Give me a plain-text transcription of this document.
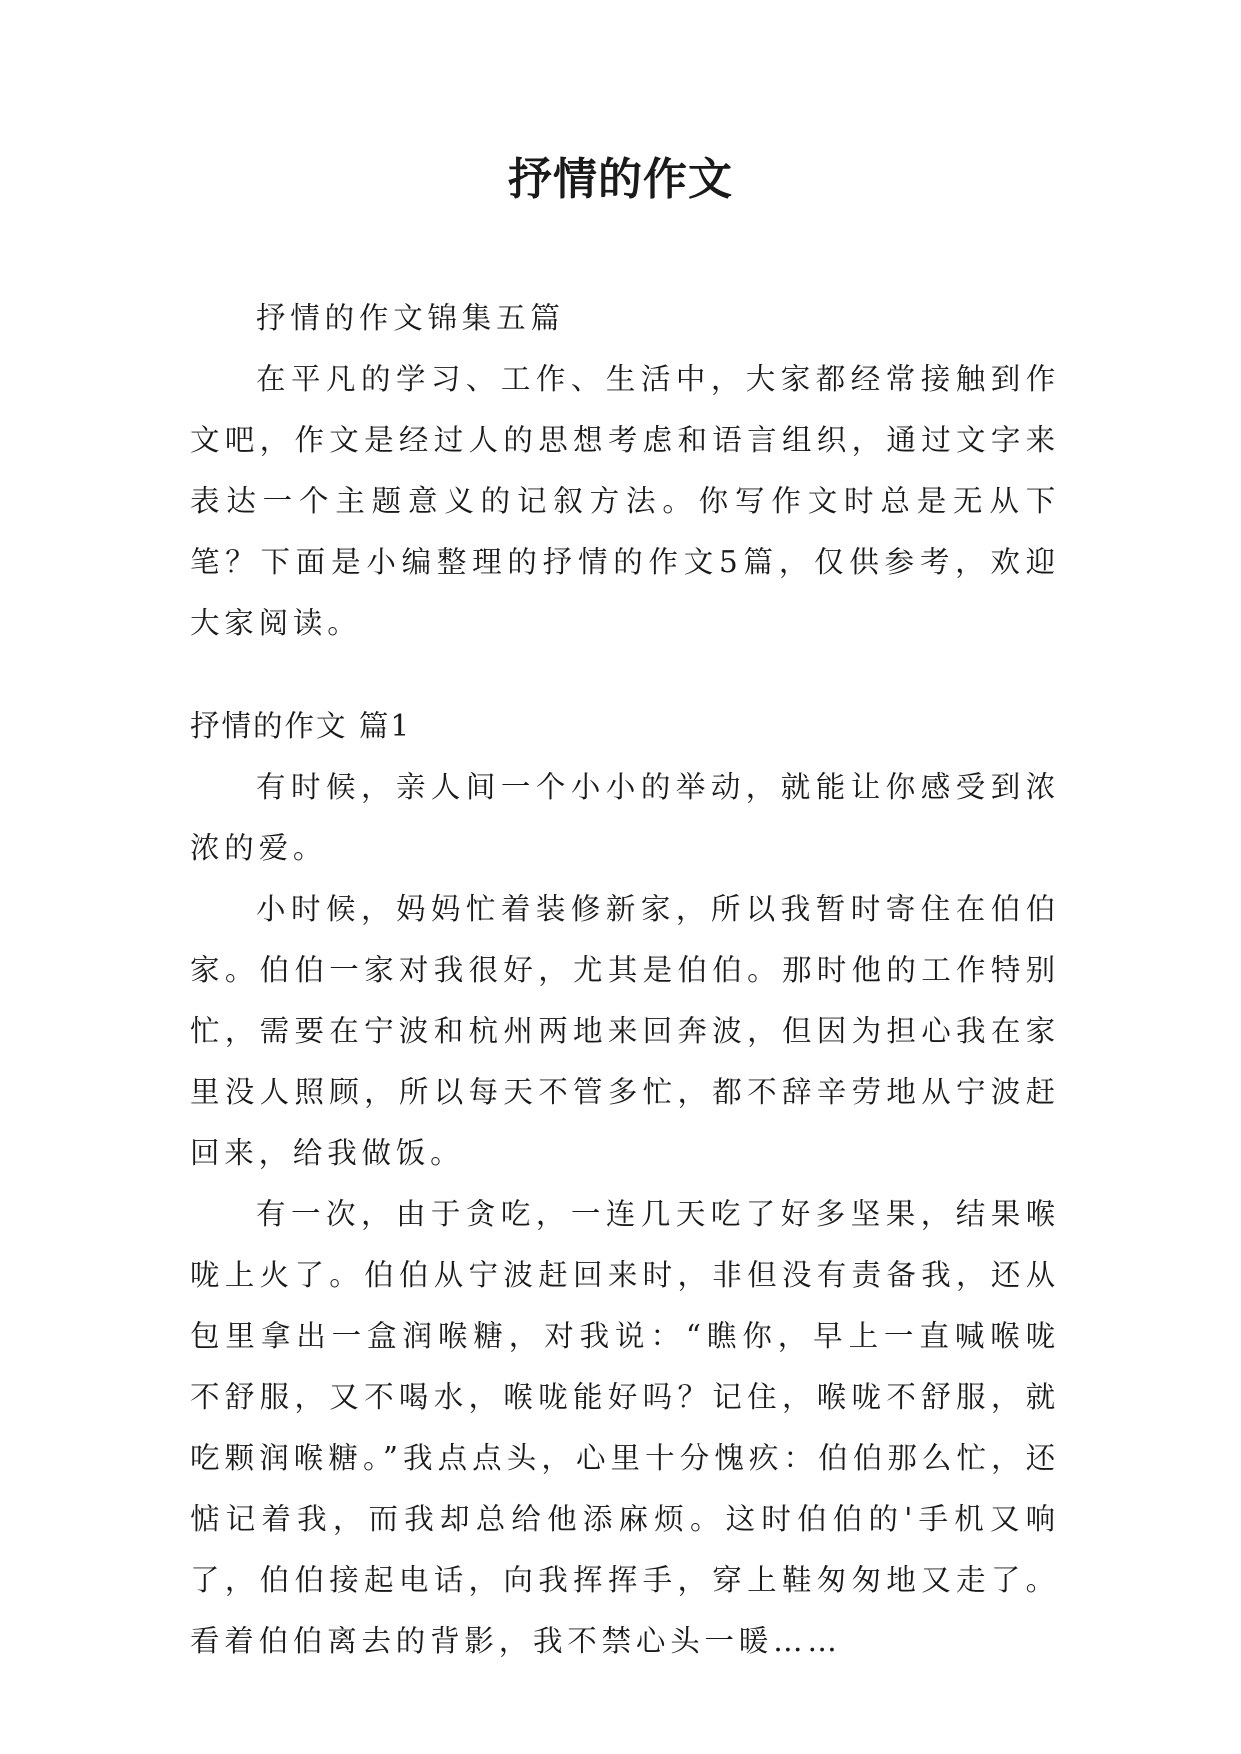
抒情的作文

抒情的作文锦集五篇

在平凡的学习、工作、生活中，大家都经常接触到作文吧，作文是经过人的思想考虑和语言组织，通过文字来表达一个主题意义的记叙方法。你写作文时总是无从下笔？下面是小编整理的抒情的作文5篇，仅供参考，欢迎大家阅读。

抒情的作文 篇1

有时候，亲人间一个小小的举动，就能让你感受到浓浓的爱。

小时候，妈妈忙着装修新家，所以我暂时寄住在伯伯家。伯伯一家对我很好，尤其是伯伯。那时他的工作特别忙，需要在宁波和杭州两地来回奔波，但因为担心我在家里没人照顾，所以每天不管多忙，都不辞辛劳地从宁波赶回来，给我做饭。

有一次，由于贪吃，一连几天吃了好多坚果，结果喉咙上火了。伯伯从宁波赶回来时，非但没有责备我，还从包里拿出一盒润喉糖，对我说：“瞧你，早上一直喊喉咙不舒服，又不喝水，喉咙能好吗？记住，喉咙不舒服，就吃颗润喉糖。”我点点头，心里十分愧疚：伯伯那么忙，还惦记着我，而我却总给他添麻烦。这时伯伯的'手机又响了，伯伯接起电话，向我挥挥手，穿上鞋匆匆地又走了。看着伯伯离去的背影，我不禁心头一暖……
